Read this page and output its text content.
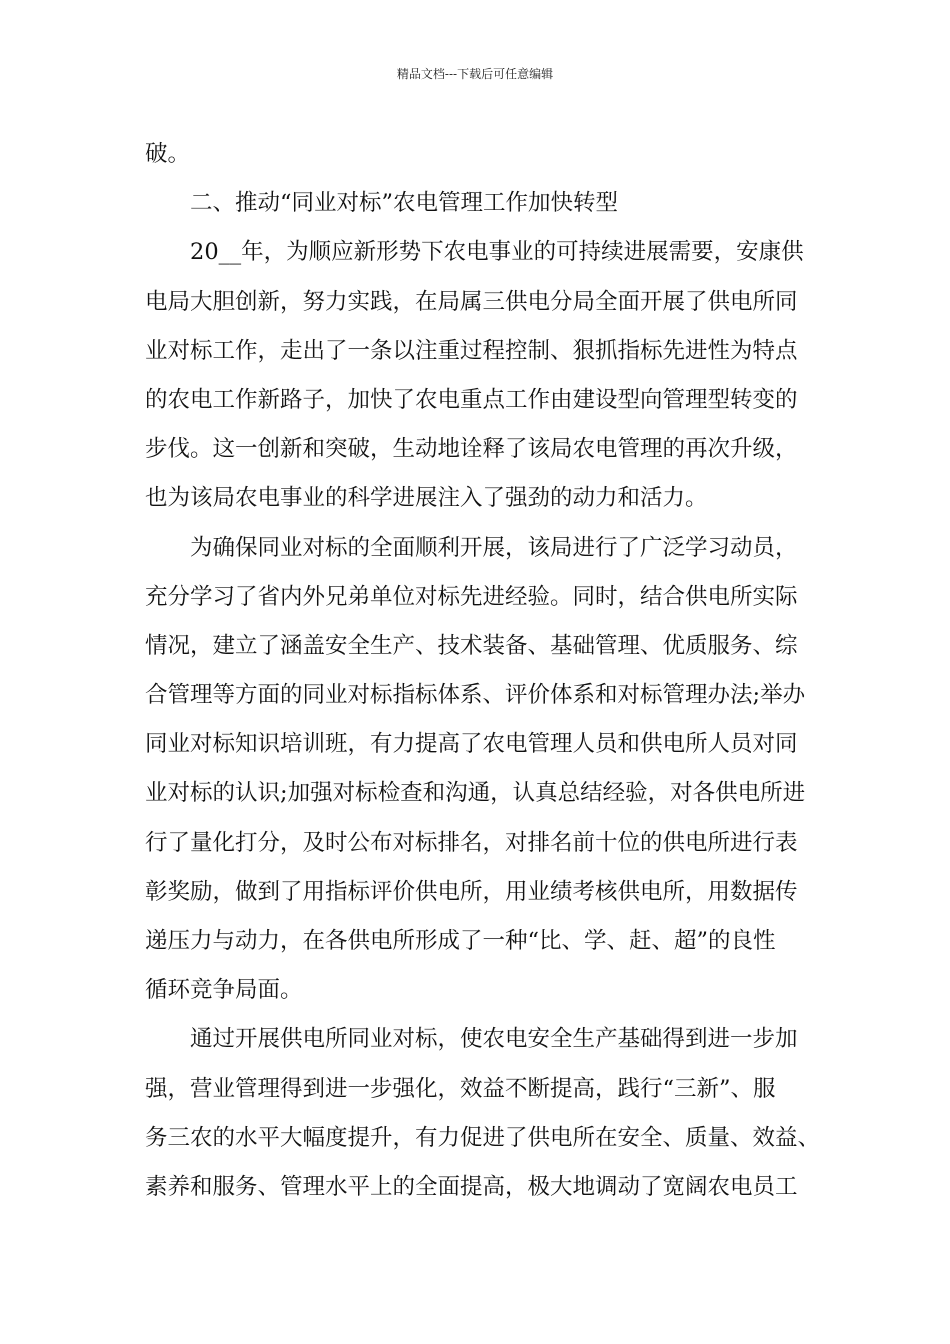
精品文档---下载后可任意编辑
破。
二、推动“同业对标”农电管理工作加快转型
20__年，为顺应新形势下农电事业的可持续进展需要，安康供
电局大胆创新，努力实践，在局属三供电分局全面开展了供电所同
业对标工作，走出了一条以注重过程控制、狠抓指标先进性为特点
的农电工作新路子，加快了农电重点工作由建设型向管理型转变的
步伐。这一创新和突破，生动地诠释了该局农电管理的再次升级，
也为该局农电事业的科学进展注入了强劲的动力和活力。
为确保同业对标的全面顺利开展，该局进行了广泛学习动员，
充分学习了省内外兄弟单位对标先进经验。同时，结合供电所实际
情况，建立了涵盖安全生产、技术装备、基础管理、优质服务、综
合管理等方面的同业对标指标体系、评价体系和对标管理办法;举办
同业对标知识培训班，有力提高了农电管理人员和供电所人员对同
业对标的认识;加强对标检查和沟通，认真总结经验，对各供电所进
行了量化打分，及时公布对标排名，对排名前十位的供电所进行表
彰奖励，做到了用指标评价供电所，用业绩考核供电所，用数据传
递压力与动力，在各供电所形成了一种“比、学、赶、超”的良性
循环竞争局面。
通过开展供电所同业对标，使农电安全生产基础得到进一步加
强，营业管理得到进一步强化，效益不断提高，践行“三新”、服
务三农的水平大幅度提升，有力促进了供电所在安全、质量、效益、
素养和服务、管理水平上的全面提高，极大地调动了宽阔农电员工
